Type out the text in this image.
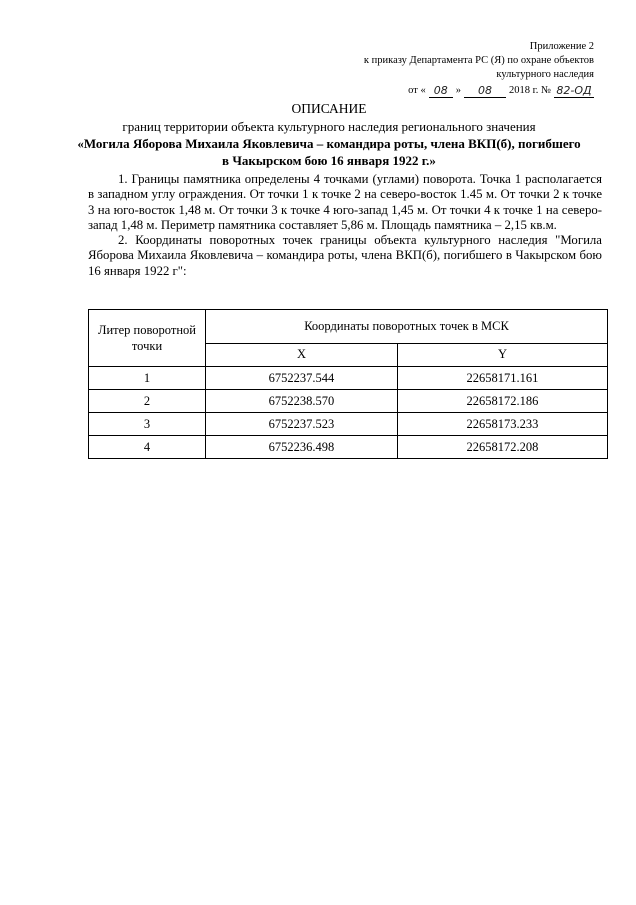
Приложение 2
к приказу Департамента РС (Я) по охране объектов
культурного наследия
от « 08 »	08	2018 г. № 82-ОД
ОПИСАНИЕ
границ территории объекта культурного наследия регионального значения
«Могила Яборова Михаила Яковлевича – командира роты, члена ВКП(б), погибшего
в Чакырском бою 16 января 1922 г.»

1. Границы памятника определены 4 точками (углами) поворота. Точка 1 располагается в западном углу ограждения. От точки 1 к точке 2 на северо-восток 1.45 м. От точки 2 к точке 3 на юго-восток 1,48 м. От точки 3 к точке 4 юго-запад 1,45 м. От точки 4 к точке 1 на северо-запад 1,48 м. Периметр памятника составляет 5,86 м. Площадь памятника – 2,15 кв.м.

2. Координаты поворотных точек границы объекта культурного наследия "Могила Яборова Михаила Яковлевича – командира роты, члена ВКП(б), погибшего в Чакырском бою 16 января 1922 г":

Литер поворотной точки	Координаты поворотных точек в МСК	
	X	Y
1	6752237.544	22658171.161
2	6752238.570	22658172.186
3	6752237.523	22658173.233
4	6752236.498	22658172.208
